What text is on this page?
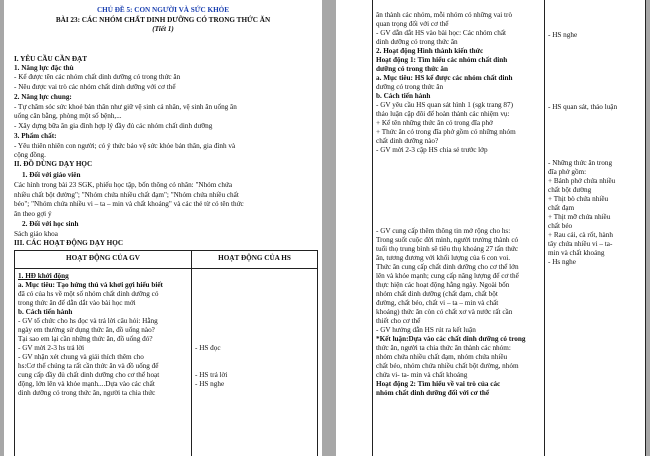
CHỦ ĐỀ 5: CON NGƯỜI VÀ SỨC KHỎE
BÀI 23: CÁC NHÓM CHẤT DINH DƯỠNG CÓ TRONG THỨC ĂN
(Tiết 1)
I. YÊU CẦU CẦN ĐẠT
1. Năng lực đặc thù
- Kể được tên các nhóm chất dinh dưỡng có trong thức ăn
- Nêu được vai trò các nhóm chất dinh dưỡng với cơ thể
2. Năng lực chung:
- Tự chăm sóc sức khoẻ bản thân như giữ vệ sinh cá nhân, vệ sinh ăn uống ăn
uống cân bằng, phòng một số bệnh,...
- Xây dựng bữa ăn gia đình hợp lý đầy đủ các nhóm chất dinh dưỡng
3. Phẩm chất:
- Yêu thiên nhiên con người; có ý thức bảo vệ sức khỏe bản thân, gia đình và
cộng đồng.
II. ĐỒ DÙNG DẠY HỌC
1. Đối với giáo viên
Các hình trong bài 23 SGK, phiếu học tập, bốn thông có nhãn: "Nhóm chứa
nhiều chất bột đường"; "Nhóm chứa nhiều chất đạm"; "Nhóm chứa nhiều chất
béo"; "Nhóm chứa nhiều vi – ta – min và chất khoáng" và các thẻ từ có tên thức
ăn theo gợi ý
2. Đối với học sinh
Sách giáo khoa
III. CÁC HOẠT ĐỘNG DẠY HỌC
HOẠT ĐỘNG CỦA GV	HOẠT ĐỘNG CỦA HS
1. HĐ khởi động
a. Mục tiêu: Tạo hứng thú và khơi gợi hiểu biết
đã có của hs về một số nhóm chất dinh dưỡng có
trong thức ăn để dẫn dắt vào bài học mới
b. Cách tiến hành
- GV tổ chức cho hs đọc và trả lời câu hỏi: Hằng
ngày em thường sử dụng thức ăn, đồ uống nào?
Tại sao em lại cần những thức ăn, đồ uống đó?
- GV mời 2-3 hs trả lời
- GV nhận xét chung và giải thích thêm cho
hs:Cơ thể chúng ta rất cần thức ăn và đồ uống để
cung cấp đầy đủ chất dinh dưỡng cho cơ thể hoạt
động, lớn lên và khỏe mạnh....Dựa vào các chất
dinh dưỡng có trong thức ăn, người ta chia thức
- HS đọc
- HS trả lời
- HS nghe
ăn thành các nhóm, mỗi nhóm có những vai trò
quan trọng đối với cơ thể
- GV dẫn dắt HS vào bài học: Các nhóm chất
dinh dưỡng có trong thức ăn
2. Hoạt động Hình thành kiến thức
Hoạt động 1: Tìm hiểu các nhóm chất dinh
dưỡng có trong thức ăn
a. Mục tiêu: HS kể được các nhóm chất dinh
dưỡng có trong thức ăn
b. Cách tiến hành
- GV yêu cầu HS quan sát hình 1 (sgk trang 87)
thảo luận cặp đôi để hoàn thành các nhiệm vụ:
+ Kể tên những thức ăn có trong đĩa phở
+ Thức ăn có trong đĩa phở gồm có những nhóm
chất dinh dưỡng nào?
- GV mời 2-3 cặp HS chia sẻ trước lớp
- GV cung cấp thêm thông tin mở rộng cho hs:
Trong suốt cuộc đời mình, người trưởng thành có
tuổi thọ trung bình sẽ tiêu thụ khoảng 27 tấn thức
ăn, tương đương với khối lượng của 6 con voi.
Thức ăn cung cấp chất dinh dưỡng cho cơ thể lớn
lên và khỏe mạnh; cung cấp năng lượng để cơ thể
thực hiện các hoạt động hằng ngày. Ngoài bốn
nhóm chất dinh dưỡng (chất đạm, chất bột
đường, chất béo, chất vi – ta – min và chất
khoáng) thức ăn còn có chất xơ và nước rất cần
thiết cho cơ thể
- GV hướng dẫn HS rút ra kết luận
*Kết luận:Dựa vào các chất dinh dưỡng có trong
thức ăn, người ta chia thức ăn thành các nhóm:
nhóm chứa nhiều chất đạm, nhóm chứa nhiều
chất béo, nhóm chứa nhiều chất bột đường, nhóm
chứa vi- ta- min và chất khoáng
Hoạt động 2: Tìm hiểu về vai trò của các
nhóm chất dinh dưỡng đối với cơ thể
- HS nghe
- HS quan sát, thảo luận
- Những thức ăn trong
đĩa phở gồm:
+ Bánh phở chứa nhiều
chất bột đường
+ Thịt bò chứa nhiều
chất đạm
+ Thịt mỡ chứa nhiều
chất béo
+ Rau cải, cà rốt, hành
tây chứa nhiều vi – ta-
min và chất khoáng
- Hs nghe
